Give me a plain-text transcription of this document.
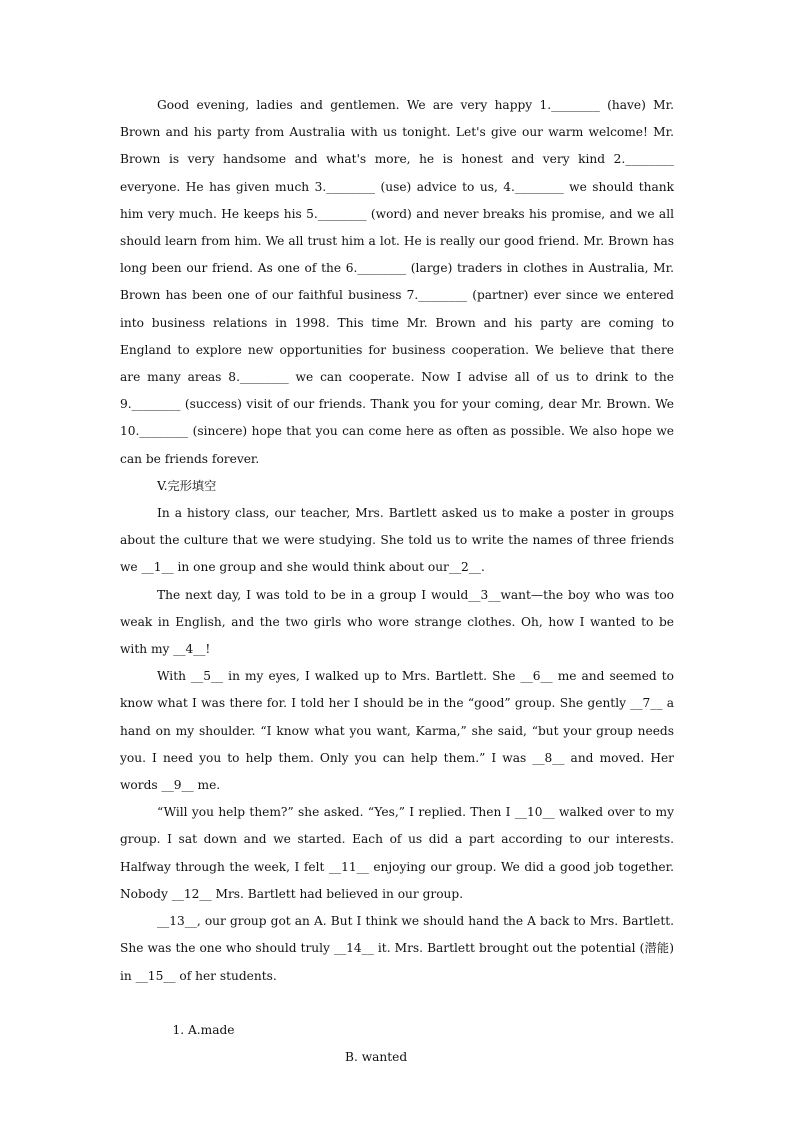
Good evening, ladies and gentlemen. We are very happy 1.________ (have) Mr. Brown and his party from Australia with us tonight. Let's give our warm welcome! Mr. Brown is very handsome and what's more, he is honest and very kind 2.________ everyone. He has given much 3.________ (use) advice to us, 4.________ we should thank him very much. He keeps his 5.________ (word) and never breaks his promise, and we all should learn from him. We all trust him a lot. He is really our good friend. Mr. Brown has long been our friend. As one of the 6.________ (large) traders in clothes in Australia, Mr. Brown has been one of our faithful business 7.________ (partner) ever since we entered into business relations in 1998. This time Mr. Brown and his party are coming to England to explore new opportunities for business cooperation. We believe that there are many areas 8.________ we can cooperate. Now I advise all of us to drink to the 9.________ (success) visit of our friends. Thank you for your coming, dear Mr. Brown. We 10.________ (sincere) hope that you can come here as often as possible. We also hope we can be friends forever.

V.完形填空

In a history class, our teacher, Mrs. Bartlett asked us to make a poster in groups about the culture that we were studying. She told us to write the names of three friends we __1__ in one group and she would think about our__2__.

The next day, I was told to be in a group I would__3__want—the boy who was too weak in English, and the two girls who wore strange clothes. Oh, how I wanted to be with my __4__!

With __5__ in my eyes, I walked up to Mrs. Bartlett. She __6__ me and seemed to know what I was there for. I told her I should be in the “good” group. She gently __7__ a hand on my shoulder. “I know what you want, Karma,” she said, “but your group needs you. I need you to help them. Only you can help them.” I was __8__ and moved. Her words __9__ me.

“Will you help them?” she asked. “Yes,” I replied. Then I __10__ walked over to my group. I sat down and we started. Each of us did a part according to our interests. Halfway through the week, I felt __11__ enjoying our group. We did a good job together. Nobody __12__ Mrs. Bartlett had believed in our group.

__13__, our group got an A. But I think we should hand the A back to Mrs. Bartlett. She was the one who should truly __14__ it. Mrs. Bartlett brought out the potential (潜能) in __15__ of her students.

1. A.made

B. wanted
